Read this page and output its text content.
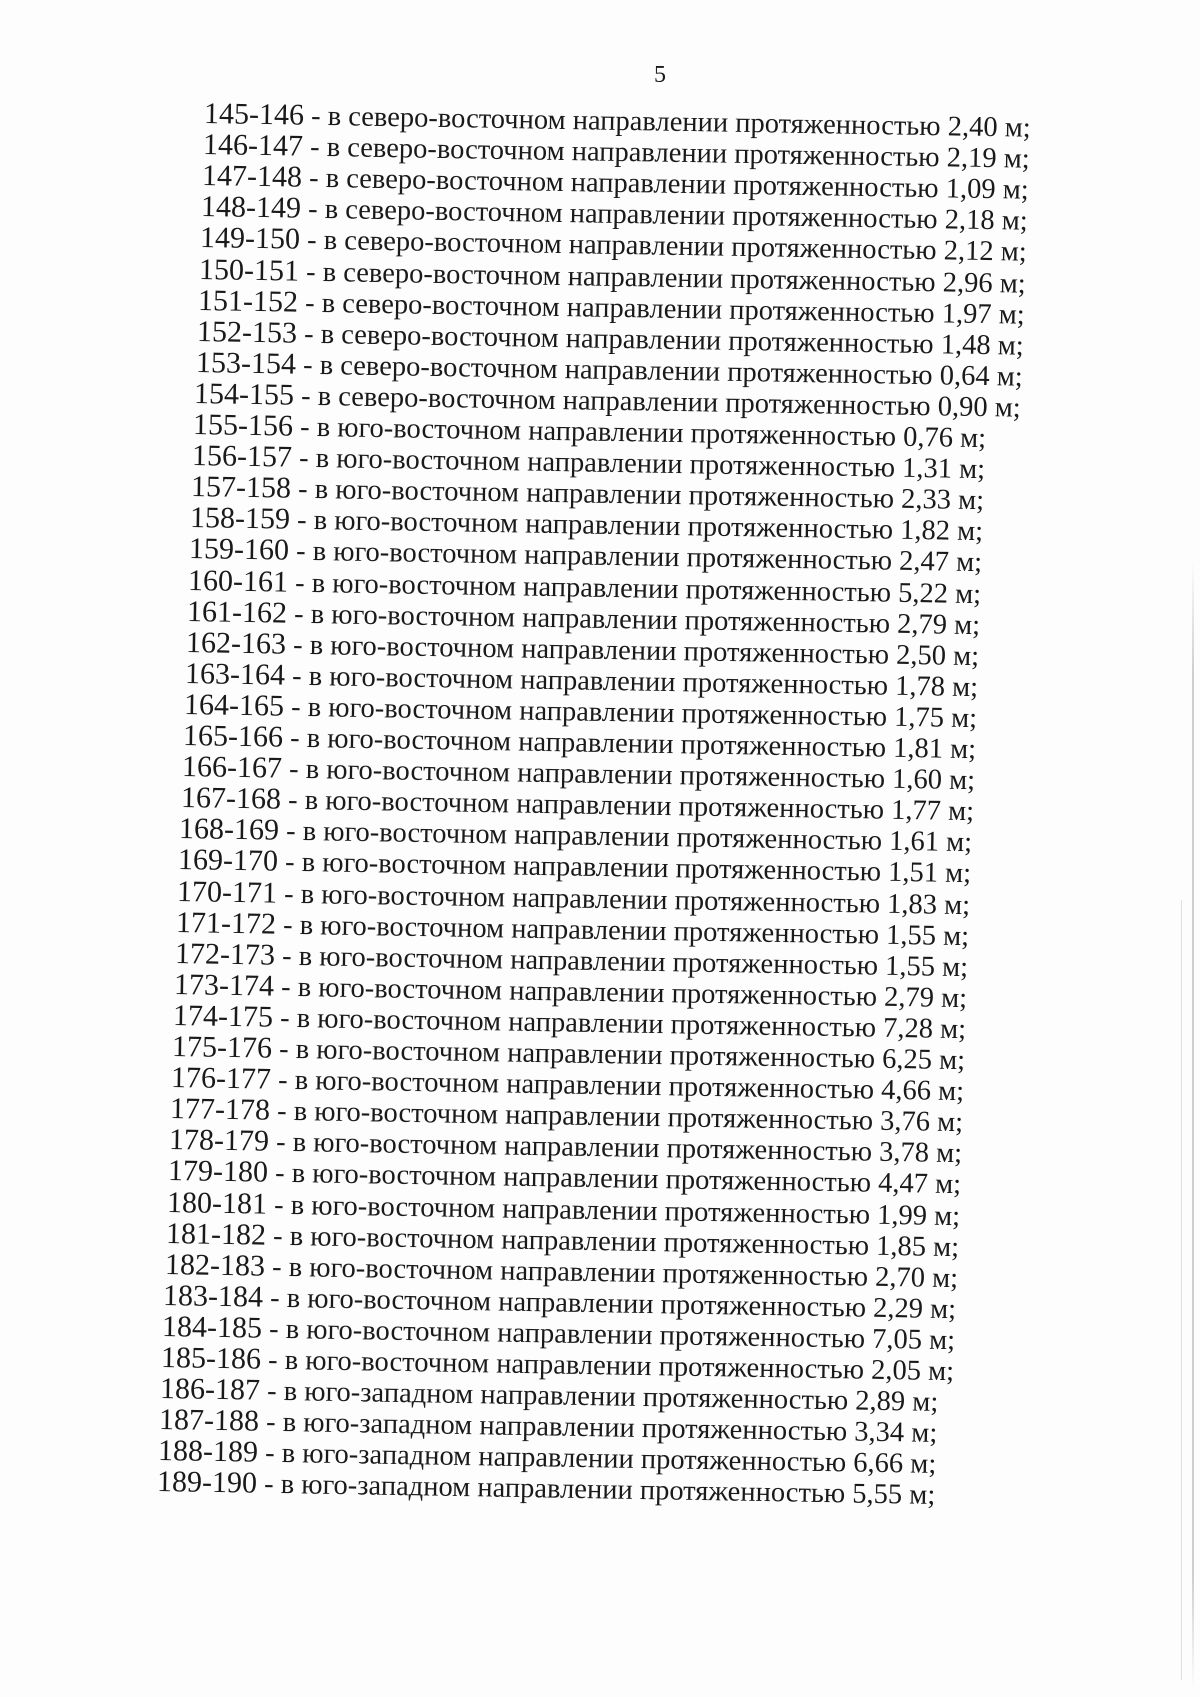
5
145-146 - в северо-восточном направлении протяженностью 2,40 м;
146-147 - в северо-восточном направлении протяженностью 2,19 м;
147-148 - в северо-восточном направлении протяженностью 1,09 м;
148-149 - в северо-восточном направлении протяженностью 2,18 м;
149-150 - в северо-восточном направлении протяженностью 2,12 м;
150-151 - в северо-восточном направлении протяженностью 2,96 м;
151-152 - в северо-восточном направлении протяженностью 1,97 м;
152-153 - в северо-восточном направлении протяженностью 1,48 м;
153-154 - в северо-восточном направлении протяженностью 0,64 м;
154-155 - в северо-восточном направлении протяженностью 0,90 м;
155-156 - в юго-восточном направлении протяженностью 0,76 м;
156-157 - в юго-восточном направлении протяженностью 1,31 м;
157-158 - в юго-восточном направлении протяженностью 2,33 м;
158-159 - в юго-восточном направлении протяженностью 1,82 м;
159-160 - в юго-восточном направлении протяженностью 2,47 м;
160-161 - в юго-восточном направлении протяженностью 5,22 м;
161-162 - в юго-восточном направлении протяженностью 2,79 м;
162-163 - в юго-восточном направлении протяженностью 2,50 м;
163-164 - в юго-восточном направлении протяженностью 1,78 м;
164-165 - в юго-восточном направлении протяженностью 1,75 м;
165-166 - в юго-восточном направлении протяженностью 1,81 м;
166-167 - в юго-восточном направлении протяженностью 1,60 м;
167-168 - в юго-восточном направлении протяженностью 1,77 м;
168-169 - в юго-восточном направлении протяженностью 1,61 м;
169-170 - в юго-восточном направлении протяженностью 1,51 м;
170-171 - в юго-восточном направлении протяженностью 1,83 м;
171-172 - в юго-восточном направлении протяженностью 1,55 м;
172-173 - в юго-восточном направлении протяженностью 1,55 м;
173-174 - в юго-восточном направлении протяженностью 2,79 м;
174-175 - в юго-восточном направлении протяженностью 7,28 м;
175-176 - в юго-восточном направлении протяженностью 6,25 м;
176-177 - в юго-восточном направлении протяженностью 4,66 м;
177-178 - в юго-восточном направлении протяженностью 3,76 м;
178-179 - в юго-восточном направлении протяженностью 3,78 м;
179-180 - в юго-восточном направлении протяженностью 4,47 м;
180-181 - в юго-восточном направлении протяженностью 1,99 м;
181-182 - в юго-восточном направлении протяженностью 1,85 м;
182-183 - в юго-восточном направлении протяженностью 2,70 м;
183-184 - в юго-восточном направлении протяженностью 2,29 м;
184-185 - в юго-восточном направлении протяженностью 7,05 м;
185-186 - в юго-восточном направлении протяженностью 2,05 м;
186-187 - в юго-западном направлении протяженностью 2,89 м;
187-188 - в юго-западном направлении протяженностью 3,34 м;
188-189 - в юго-западном направлении протяженностью 6,66 м;
189-190 - в юго-западном направлении протяженностью 5,55 м;
